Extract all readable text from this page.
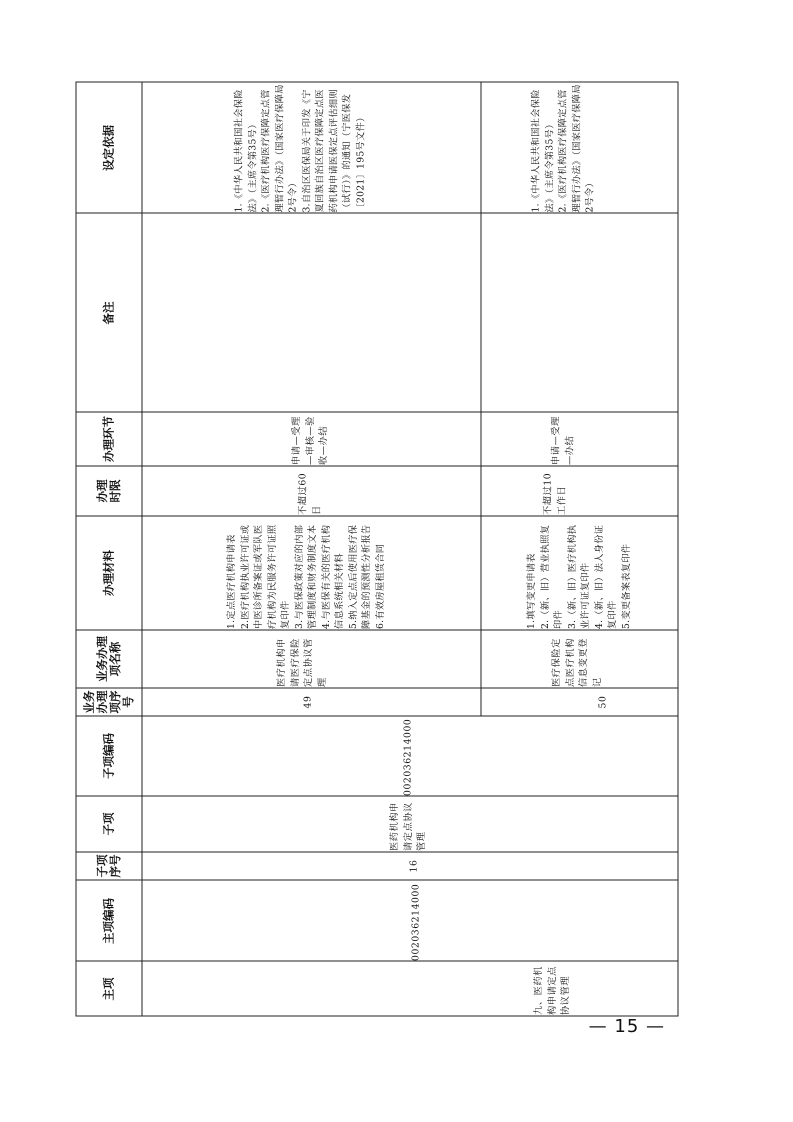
设定依据
备注
办理环节
办理时限
办理材料
业务办理项名称
业务办理项序号
子项编码
子项
子项序号
主项编码
主项	九、医药机构申请定点协议管理
002036214000
16
医药机构申请定点协议管理
002036214000
49
医疗机构申请医疗保险定点协议管理
1.定点医疗机构申请表 2.医疗机构执业许可证或中医诊所备案证或军队医疗机构为民服务许可证照复印件 3.与医保政策对应的内部管理制度和财务制度文本 4.与医保有关的医疗机构信息系统相关材料 5.纳入定点后使用医疗保障基金的预测性分析报告 6.有效房屋租赁合同
不超过60日
申请—受理—审核—验收—办结
1.《中华人民共和国社会保险法》（主席令第35号） 2.《医疗机构医疗保障定点管理暂行办法》（国家医疗保障局2号令） 3.自治区医保局关于印发《宁夏回族自治区医疗保障定点医药机构申请医保定点评估细则（试行）》的通知（宁医保发〔2021〕195号文件）
50
医疗保险定点医疗机构信息变更登记
1.填写变更申请表 2.（新、旧）营业执照复印件 3.（新、旧）医疗机构执业许可证复印件 4.（新、旧）法人身份证复印件 5.变更备案表复印件
不超过10工作日
申请—受理—办结
1.《中华人民共和国社会保险法》（主席令第35号） 2.《医疗机构医疗保障定点管理暂行办法》（国家医疗保障局2号令）
— 15 —
